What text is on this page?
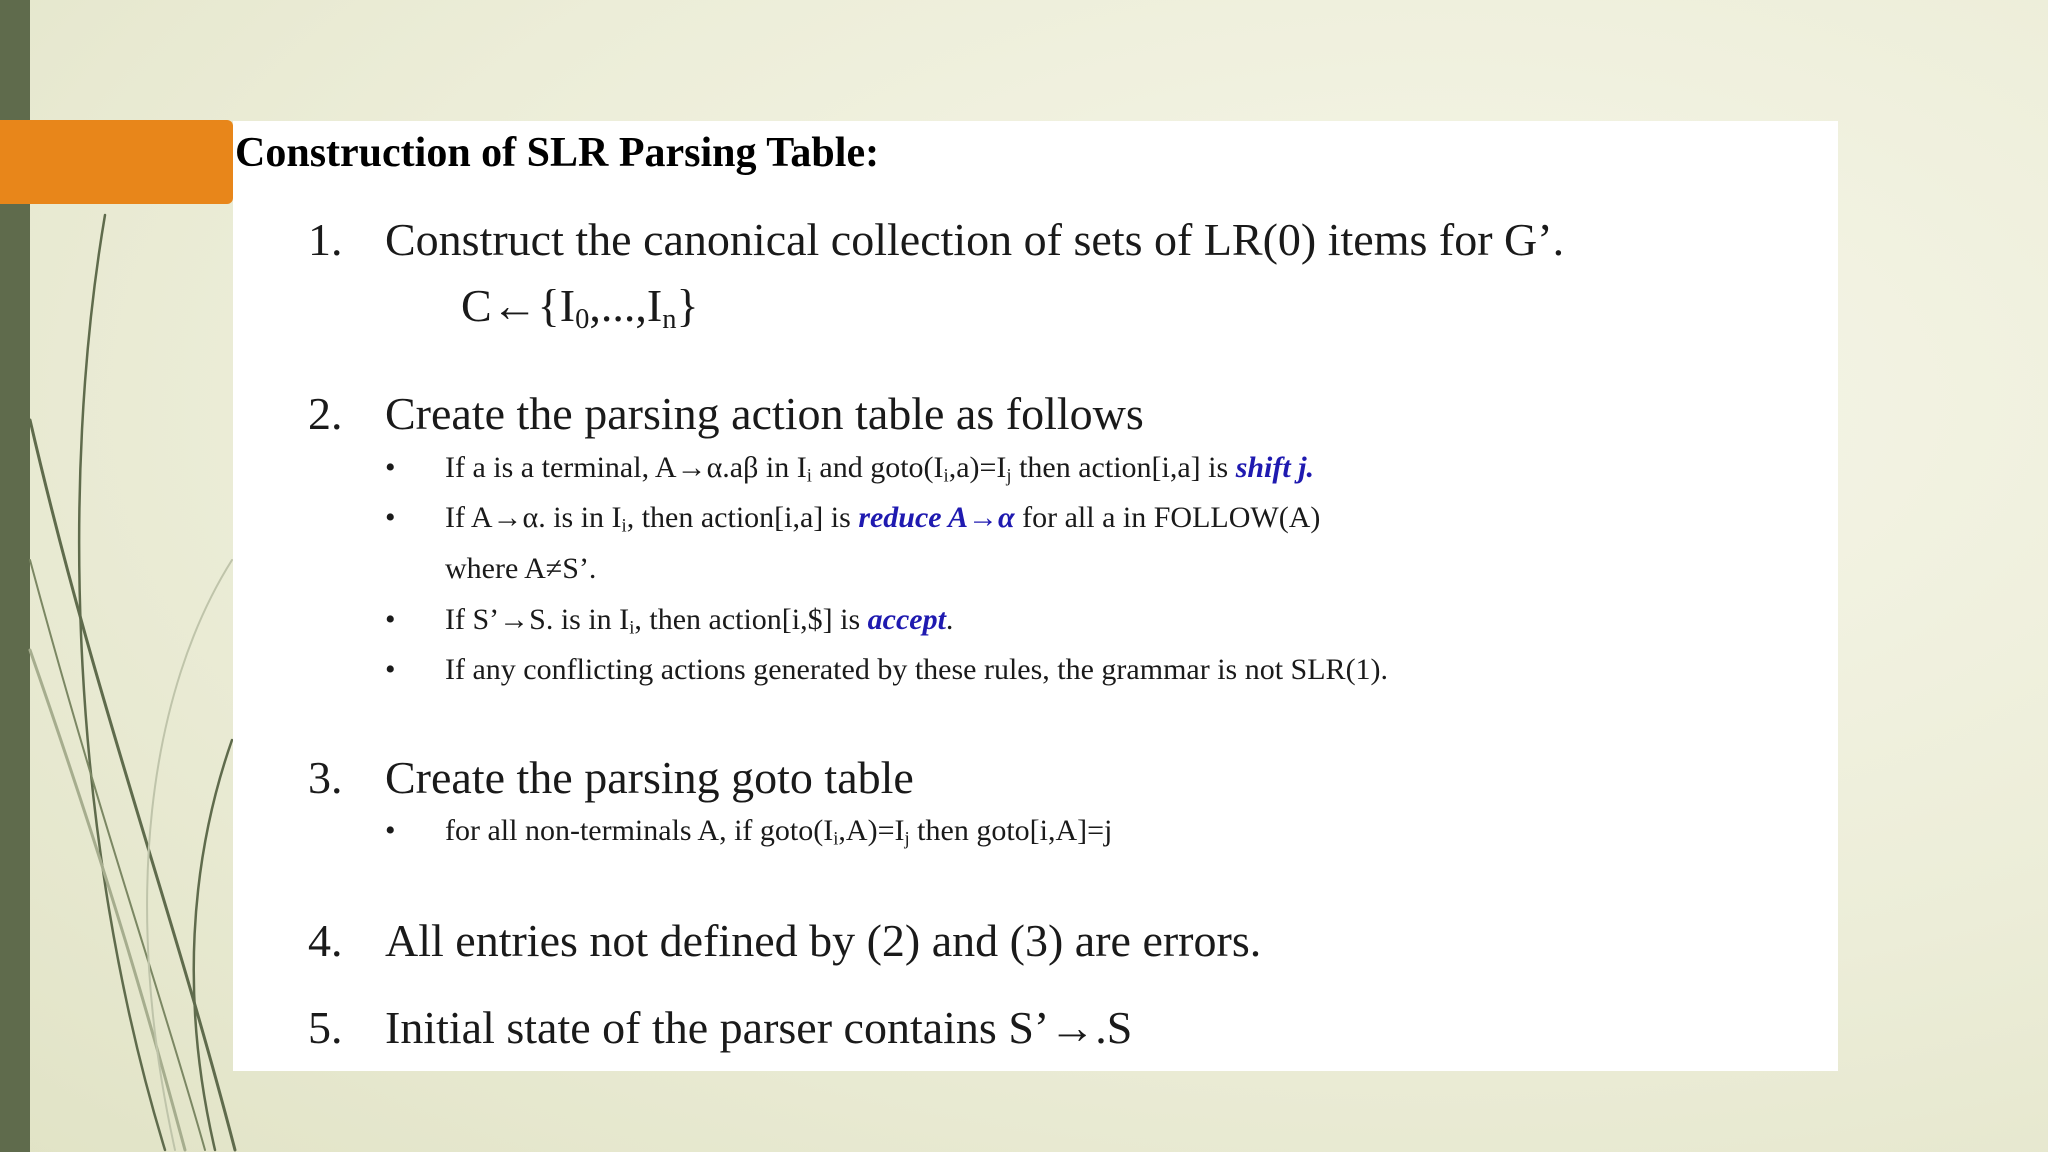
Construction of SLR Parsing Table:
1. Construct the canonical collection of sets of LR(0) items for G’.
$C\leftarrow\{I_0,...,I_n\}$
2. Create the parsing action table as follows
• If a is a terminal, A→α.aβ in $I_i$ and $goto(I_i,a)=I_j$ then action[i,a] is shift j.
• If A→α. is in $I_i$, then action[i,a] is reduce A→α for all a in FOLLOW(A)
where A≠S’.
• If S’→S. is in $I_i$, then action[i,$] is accept.
• If any conflicting actions generated by these rules, the grammar is not SLR(1).
3. Create the parsing goto table
• for all non-terminals A, if $goto(I_i,A)=I_j$ then goto[i,A]=j
4. All entries not defined by (2) and (3) are errors.
5. Initial state of the parser contains S’→.S
